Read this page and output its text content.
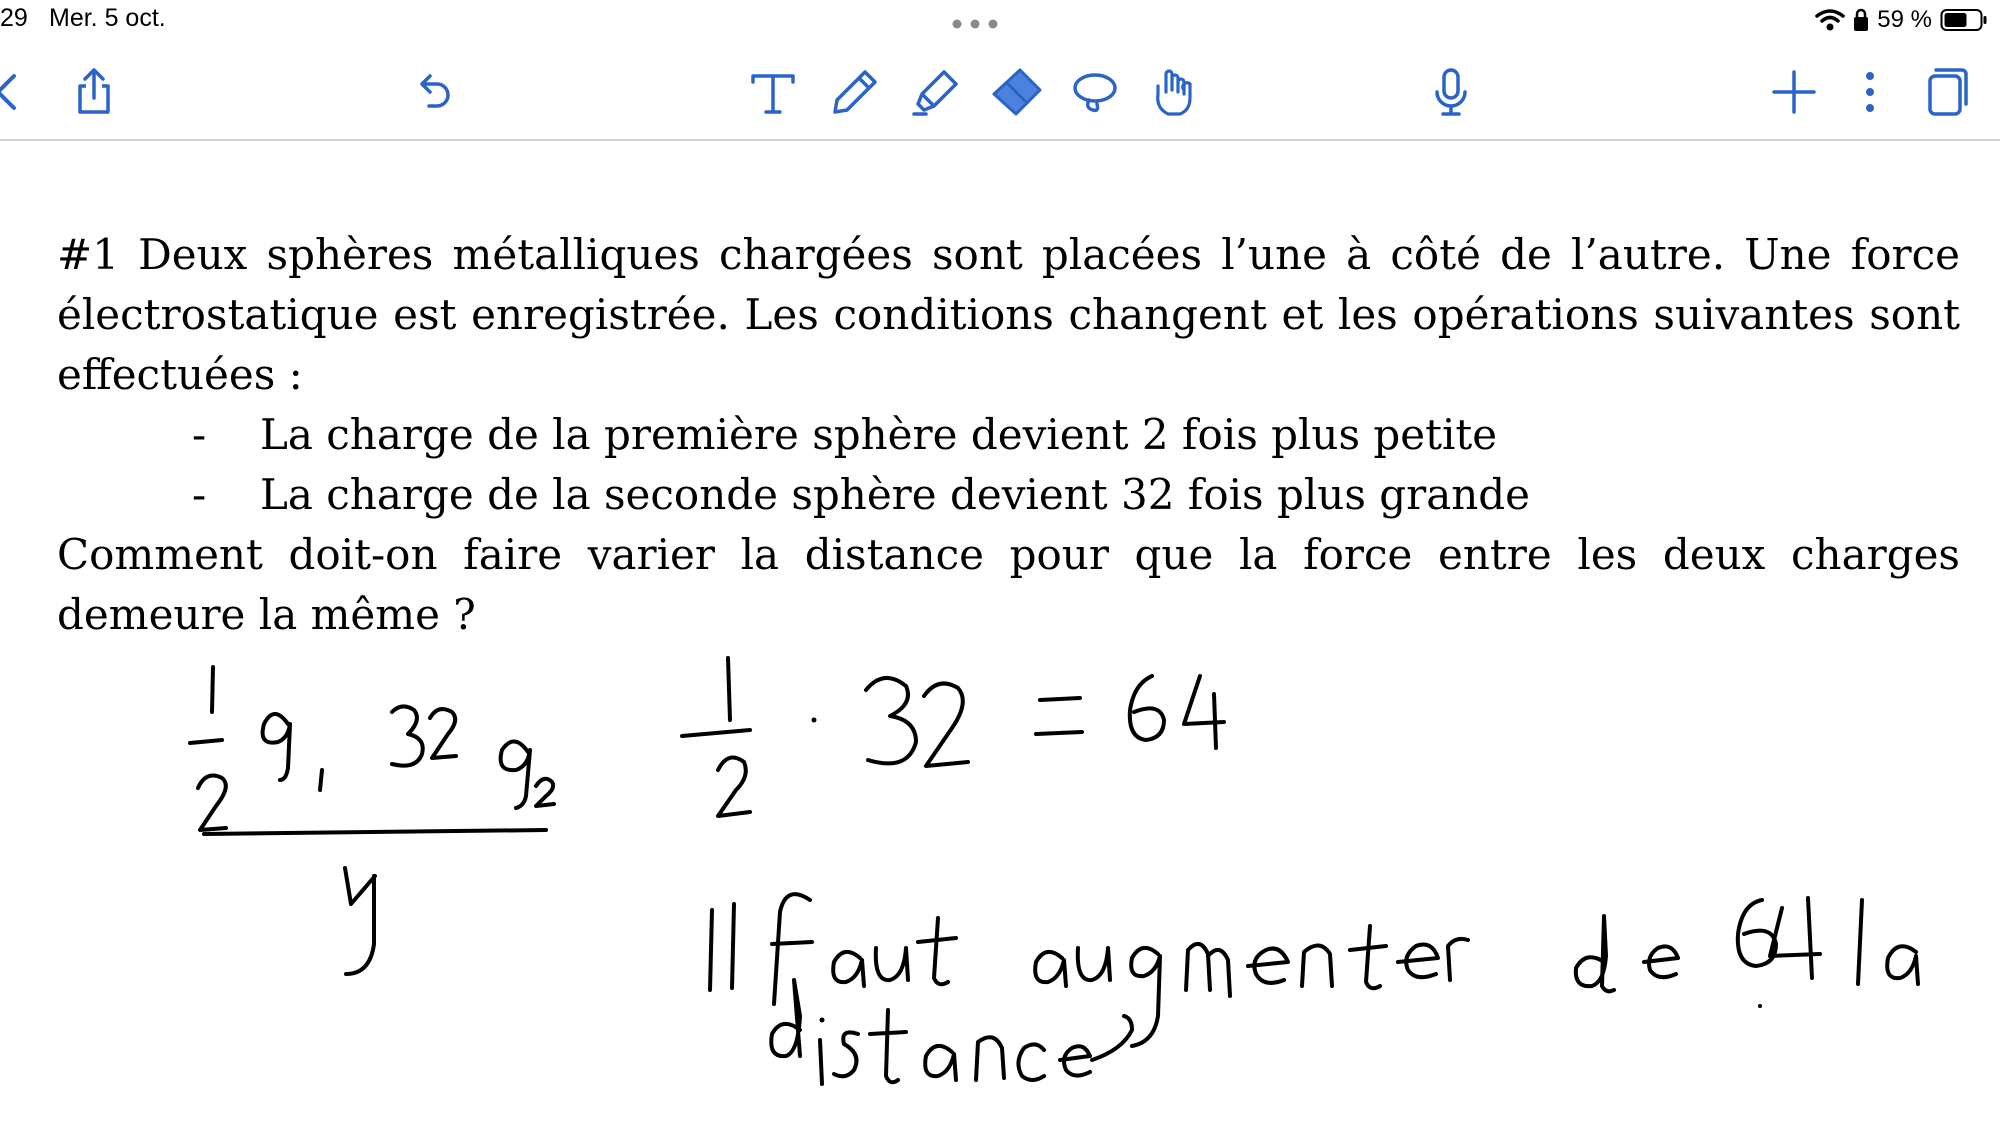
29 Mer. 5 oct.	59 %
#1 Deux sphères métalliques chargées sont placées l’une à côté de l’autre. Une force électrostatique est enregistrée. Les conditions changent et les opérations suivantes sont effectuées :
- La charge de la première sphère devient 2 fois plus petite
- La charge de la seconde sphère devient 32 fois plus grande
Comment doit-on faire varier la distance pour que la force entre les deux charges demeure la même ?
